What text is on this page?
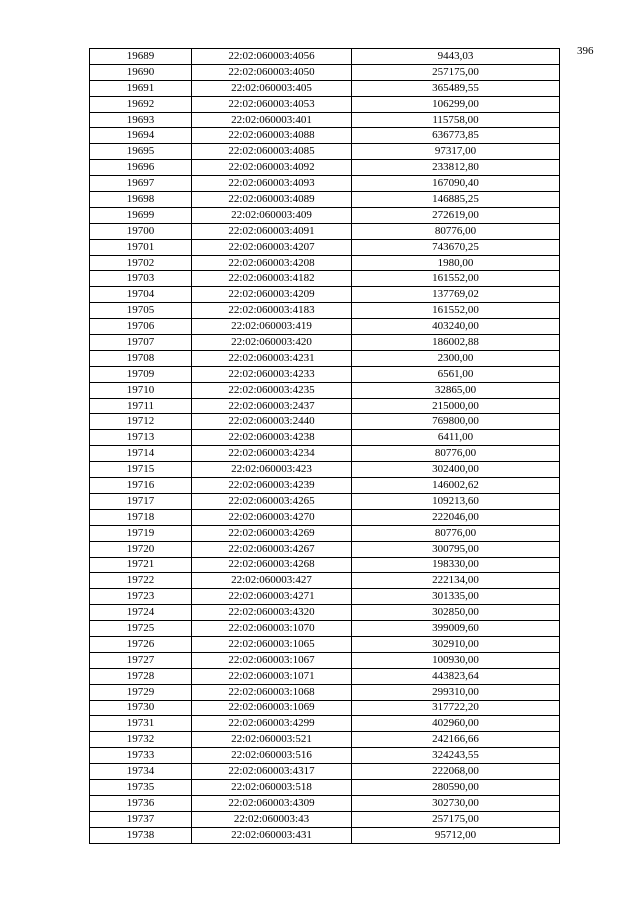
396
19689	22:02:060003:4056	9443,03
19690	22:02:060003:4050	257175,00
19691	22:02:060003:405	365489,55
19692	22:02:060003:4053	106299,00
19693	22:02:060003:401	115758,00
19694	22:02:060003:4088	636773,85
19695	22:02:060003:4085	97317,00
19696	22:02:060003:4092	233812,80
19697	22:02:060003:4093	167090,40
19698	22:02:060003:4089	146885,25
19699	22:02:060003:409	272619,00
19700	22:02:060003:4091	80776,00
19701	22:02:060003:4207	743670,25
19702	22:02:060003:4208	1980,00
19703	22:02:060003:4182	161552,00
19704	22:02:060003:4209	137769,02
19705	22:02:060003:4183	161552,00
19706	22:02:060003:419	403240,00
19707	22:02:060003:420	186002,88
19708	22:02:060003:4231	2300,00
19709	22:02:060003:4233	6561,00
19710	22:02:060003:4235	32865,00
19711	22:02:060003:2437	215000,00
19712	22:02:060003:2440	769800,00
19713	22:02:060003:4238	6411,00
19714	22:02:060003:4234	80776,00
19715	22:02:060003:423	302400,00
19716	22:02:060003:4239	146002,62
19717	22:02:060003:4265	109213,60
19718	22:02:060003:4270	222046,00
19719	22:02:060003:4269	80776,00
19720	22:02:060003:4267	300795,00
19721	22:02:060003:4268	198330,00
19722	22:02:060003:427	222134,00
19723	22:02:060003:4271	301335,00
19724	22:02:060003:4320	302850,00
19725	22:02:060003:1070	399009,60
19726	22:02:060003:1065	302910,00
19727	22:02:060003:1067	100930,00
19728	22:02:060003:1071	443823,64
19729	22:02:060003:1068	299310,00
19730	22:02:060003:1069	317722,20
19731	22:02:060003:4299	402960,00
19732	22:02:060003:521	242166,66
19733	22:02:060003:516	324243,55
19734	22:02:060003:4317	222068,00
19735	22:02:060003:518	280590,00
19736	22:02:060003:4309	302730,00
19737	22:02:060003:43	257175,00
19738	22:02:060003:431	95712,00
